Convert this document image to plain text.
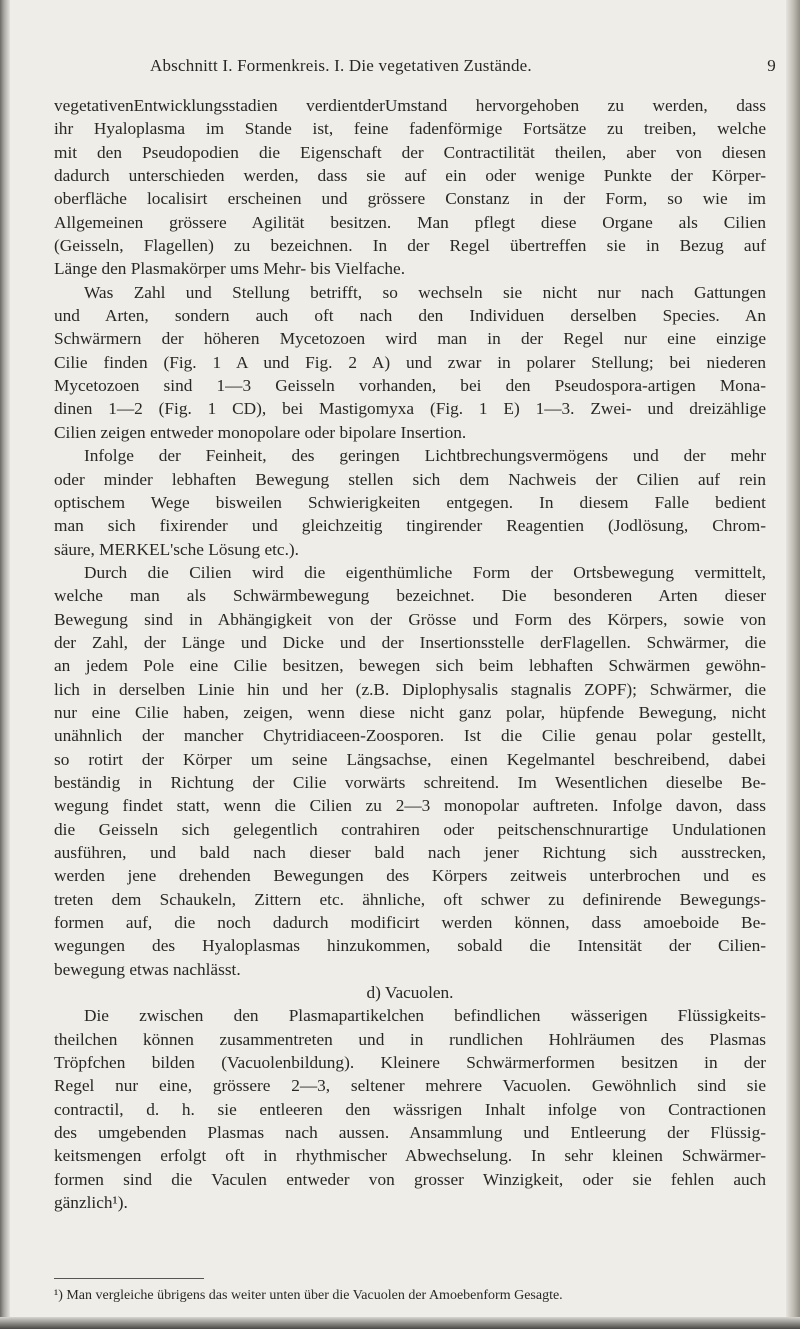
Abschnitt I. Formenkreis. I. Die vegetativen Zustände.	9

vegetativenEntwicklungsstadien verdientderUmstand hervorgehoben zu werden, dass
ihr Hyaloplasma im Stande ist, feine fadenförmige Fortsätze zu treiben, welche
mit den Pseudopodien die Eigenschaft der Contractilität theilen, aber von diesen
dadurch unterschieden werden, dass sie auf ein oder wenige Punkte der Körper-
oberfläche localisirt erscheinen und grössere Constanz in der Form, so wie im
Allgemeinen grössere Agilität besitzen. Man pflegt diese Organe als Cilien
(Geisseln, Flagellen) zu bezeichnen. In der Regel übertreffen sie in Bezug auf
Länge den Plasmakörper ums Mehr- bis Vielfache.

Was Zahl und Stellung betrifft, so wechseln sie nicht nur nach Gattungen
und Arten, sondern auch oft nach den Individuen derselben Species. An
Schwärmern der höheren Mycetozoen wird man in der Regel nur eine einzige
Cilie finden (Fig. 1 A und Fig. 2 A) und zwar in polarer Stellung; bei niederen
Mycetozoen sind 1—3 Geisseln vorhanden, bei den Pseudospora-artigen Mona-
dinen 1—2 (Fig. 1 CD), bei Mastigomyxa (Fig. 1 E) 1—3. Zwei- und dreizählige
Cilien zeigen entweder monopolare oder bipolare Insertion.

Infolge der Feinheit, des geringen Lichtbrechungsvermögens und der mehr
oder minder lebhaften Bewegung stellen sich dem Nachweis der Cilien auf rein
optischem Wege bisweilen Schwierigkeiten entgegen. In diesem Falle bedient
man sich fixirender und gleichzeitig tingirender Reagentien (Jodlösung, Chrom-
säure, MERKEL'sche Lösung etc.).

Durch die Cilien wird die eigenthümliche Form der Ortsbewegung vermittelt,
welche man als Schwärmbewegung bezeichnet. Die besonderen Arten dieser
Bewegung sind in Abhängigkeit von der Grösse und Form des Körpers, sowie von
der Zahl, der Länge und Dicke und der Insertionsstelle derFlagellen. Schwärmer, die
an jedem Pole eine Cilie besitzen, bewegen sich beim lebhaften Schwärmen gewöhn-
lich in derselben Linie hin und her (z.B. Diplophysalis stagnalis ZOPF); Schwärmer, die
nur eine Cilie haben, zeigen, wenn diese nicht ganz polar, hüpfende Bewegung, nicht
unähnlich der mancher Chytridiaceen-Zoosporen. Ist die Cilie genau polar gestellt,
so rotirt der Körper um seine Längsachse, einen Kegelmantel beschreibend, dabei
beständig in Richtung der Cilie vorwärts schreitend. Im Wesentlichen dieselbe Be-
wegung findet statt, wenn die Cilien zu 2—3 monopolar auftreten. Infolge davon, dass
die Geisseln sich gelegentlich contrahiren oder peitschenschnurartige Undulationen
ausführen, und bald nach dieser bald nach jener Richtung sich ausstrecken,
werden jene drehenden Bewegungen des Körpers zeitweis unterbrochen und es
treten dem Schaukeln, Zittern etc. ähnliche, oft schwer zu definirende Bewegungs-
formen auf, die noch dadurch modificirt werden können, dass amoeboide Be-
wegungen des Hyaloplasmas hinzukommen, sobald die Intensität der Cilien-
bewegung etwas nachlässt.

d) Vacuolen.

Die zwischen den Plasmapartikelchen befindlichen wässerigen Flüssigkeits-
theilchen können zusammentreten und in rundlichen Hohlräumen des Plasmas
Tröpfchen bilden (Vacuolenbildung). Kleinere Schwärmerformen besitzen in der
Regel nur eine, grössere 2—3, seltener mehrere Vacuolen. Gewöhnlich sind sie
contractil, d. h. sie entleeren den wässrigen Inhalt infolge von Contractionen
des umgebenden Plasmas nach aussen. Ansammlung und Entleerung der Flüssig-
keitsmengen erfolgt oft in rhythmischer Abwechselung. In sehr kleinen Schwärmer-
formen sind die Vaculen entweder von grosser Winzigkeit, oder sie fehlen auch
gänzlich¹).

¹) Man vergleiche übrigens das weiter unten über die Vacuolen der Amoebenform Gesagte.
